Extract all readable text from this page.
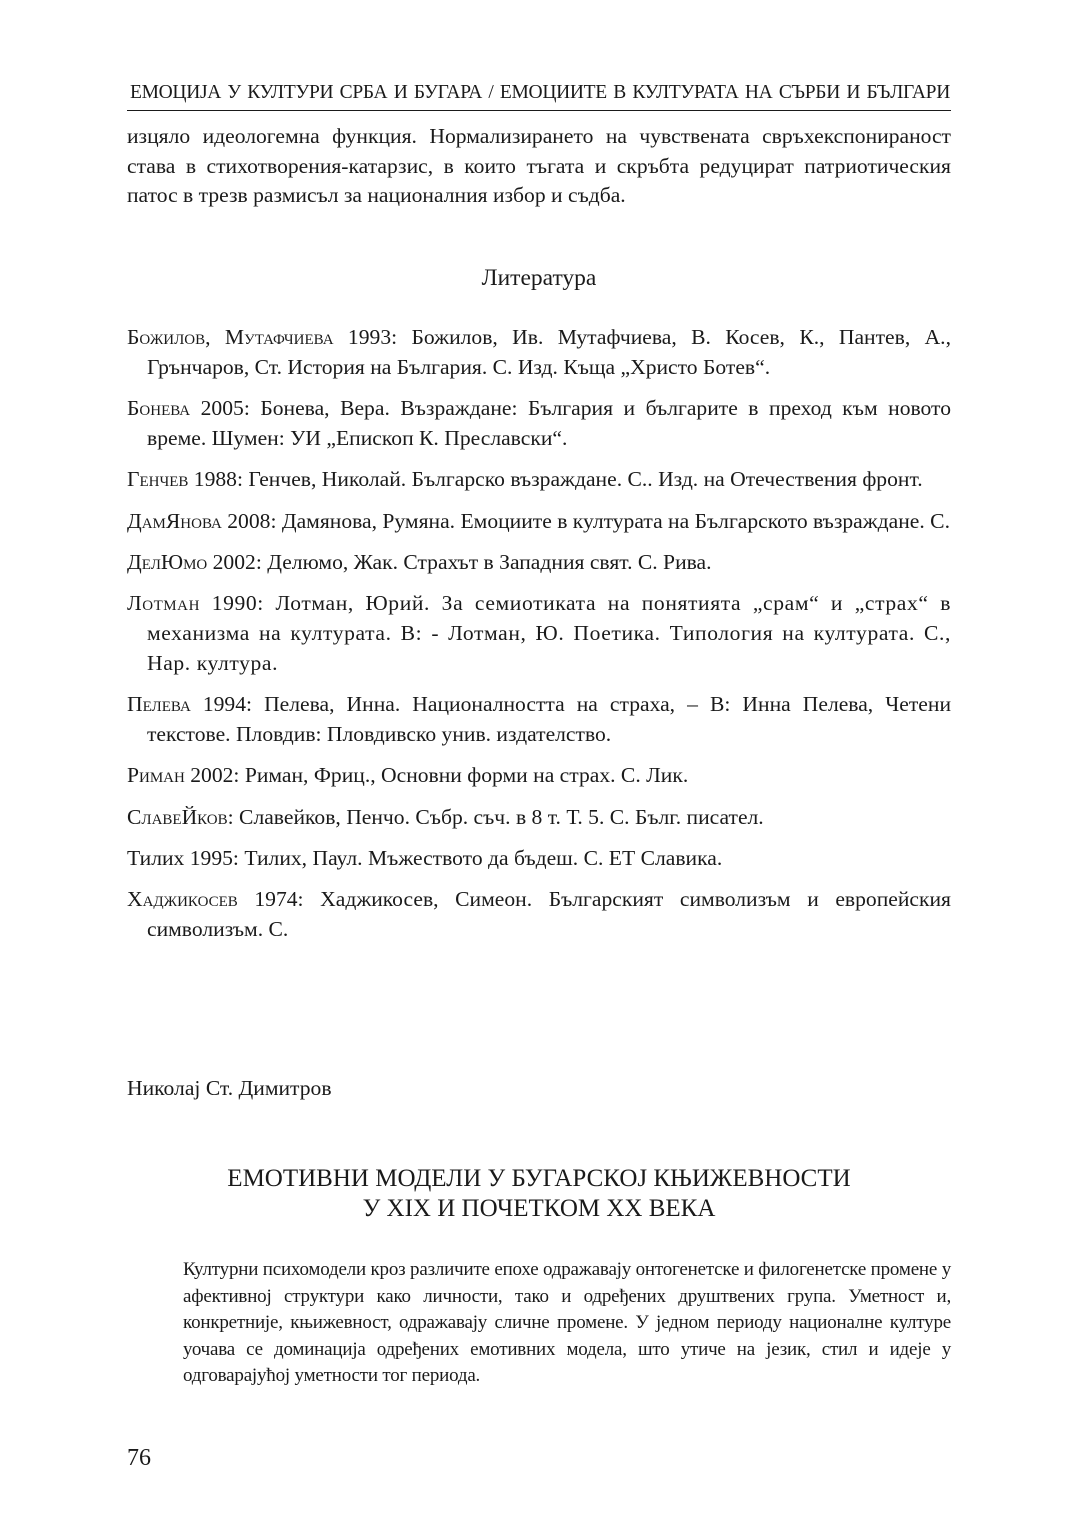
ЕМОЦИЈА У КУЛТУРИ СРБА И БУГАРА / ЕМОЦИИТЕ В КУЛТУРАТА НА СЪРБИ И БЪЛГАРИ

изцяло идеологемна функция. Нормализирането на чувствената свръхекспонираност става в стихотворения-катарзис, в които тъгата и скръбта редуцират патриотическия патос в трезв размисъл за националния избор и съдба.

Литература
Божилов, Мутафчиева 1993: Божилов, Ив. Мутафчиева, В. Косев, К., Пантев, А., Грънчаров, Ст. История на България. С. Изд. Къща „Христо Ботев“.
Бонева 2005: Бонева, Вера. Възраждане: България и българите в преход към новото време. Шумен: УИ „Епископ К. Преславски“.
Генчев 1988: Генчев, Николай. Българско възраждане. С.. Изд. на Отечествения фронт.
ДамЯнова 2008: Дамянова, Румяна. Емоциите в културата на Българското възраждане. С.
ДелЮмо 2002: Делюмо, Жак. Страхът в Западния свят. С. Рива.
Лотман 1990: Лотман, Юрий. За семиотиката на понятията „срам“ и „страх“ в механизма на културата. В: - Лотман, Ю. Поетика. Типология на културата. С., Нар. култура.
Пелева 1994: Пелева, Инна. Националността на страха, – В: Инна Пелева, Четени текстове. Пловдив: Пловдивско унив. издателство.
Риман 2002: Риман, Фриц., Основни форми на страх. С. Лик.
СлавеЙков: Славейков, Пенчо. Събр. съч. в 8 т. Т. 5. С. Бълг. писател.
Тилих 1995: Тилих, Паул. Мъжеството да бъдеш. С. ЕТ Славика.
Хаджикосев 1974: Хаджикосев, Симеон. Българският символизъм и европейския символизъм. С.

Николај Ст. Димитров

ЕМОТИВНИ МОДЕЛИ У БУГАРСКОЈ КЊИЖЕВНОСТИ
У XIX И ПОЧЕТКОМ XX ВЕКА

Културни психомодели кроз различите епохе одражавају онтогенетске и филогенетске промене у афективној структури како личности, тако и одређених друштвених група. Уметност и, конкретније, књижевност, одражавају сличне промене. У једном периоду националне културе уочава се доминација одређених емотивних модела, што утиче на језик, стил и идеје у одговарајућој уметности тог периода.

76
